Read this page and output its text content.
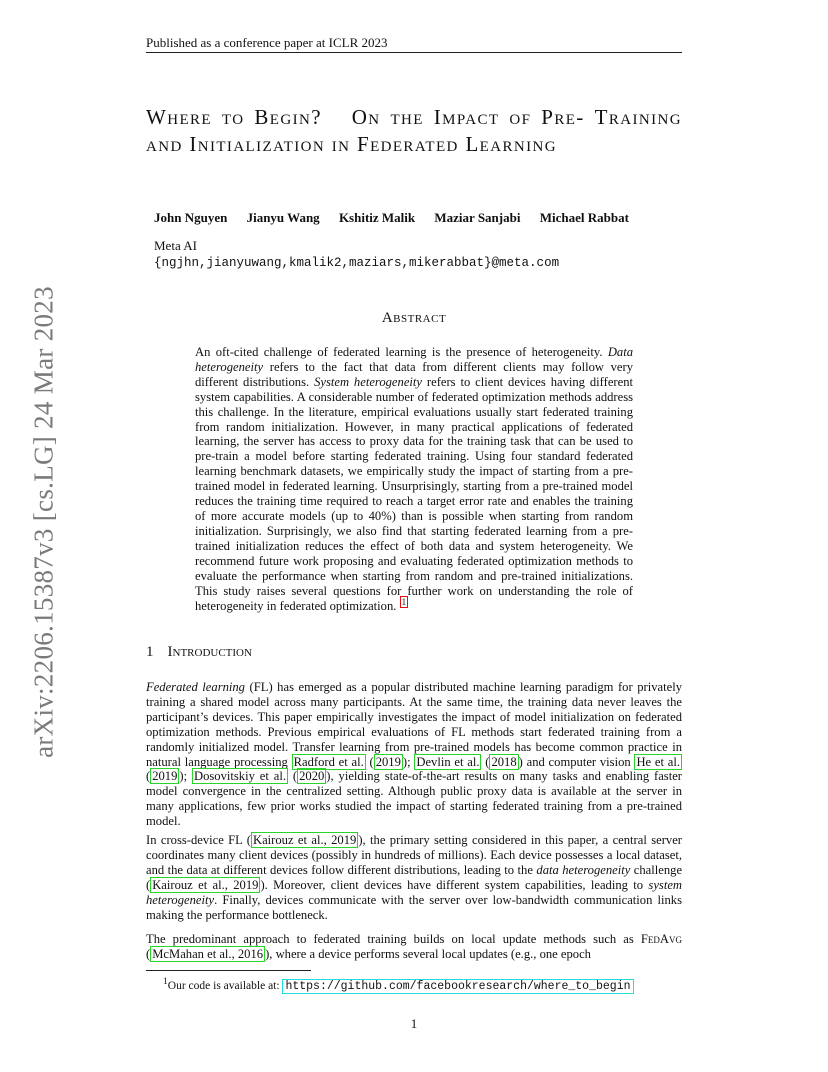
Published as a conference paper at ICLR 2023
Where to Begin? On the Impact of Pre- Training and Initialization in Federated Learning
John Nguyen Jianyu Wang Kshitiz Malik Maziar Sanjabi Michael Rabbat
Meta AI
{ngjhn,jianyuwang,kmalik2,maziars,mikerabbat}@meta.com
Abstract
An oft-cited challenge of federated learning is the presence of heterogeneity. Data heterogeneity refers to the fact that data from different clients may follow very different distributions. System heterogeneity refers to client devices having different system capabilities. A considerable number of federated optimization methods address this challenge. In the literature, empirical evaluations usually start federated training from random initialization. However, in many practical applications of federated learning, the server has access to proxy data for the training task that can be used to pre-train a model before starting federated training. Using four standard federated learning benchmark datasets, we empirically study the impact of starting from a pre-trained model in federated learning. Unsurprisingly, starting from a pre-trained model reduces the training time required to reach a target error rate and enables the training of more accurate models (up to 40%) than is possible when starting from random initialization. Surprisingly, we also find that starting federated learning from a pre-trained initialization reduces the effect of both data and system heterogeneity. We recommend future work proposing and evaluating federated optimization methods to evaluate the performance when starting from random and pre-trained initializations. This study raises several questions for further work on understanding the role of heterogeneity in federated optimization. $^1$
1 Introduction
Federated learning (FL) has emerged as a popular distributed machine learning paradigm for privately training a shared model across many participants. At the same time, the training data never leaves the participant’s devices. This paper empirically investigates the impact of model initialization on federated optimization methods. Previous empirical evaluations of FL methods start federated training from a randomly initialized model. Transfer learning from pre-trained models has become common practice in natural language processing Radford et al. ( 2019 ); Devlin et al. ( 2018 ) and computer vision He et al. ( 2019 ); Dosovitskiy et al. ( 2020 ), yielding state-of-the-art results on many tasks and enabling faster model convergence in the centralized setting. Although public proxy data is available at the server in many applications, few prior works studied the impact of starting federated training from a pre-trained model.
In cross-device FL ( Kairouz et al., 2019 ), the primary setting considered in this paper, a central server coordinates many client devices (possibly in hundreds of millions). Each device possesses a local dataset, and the data at different devices follow different distributions, leading to the data heterogeneity challenge ( Kairouz et al., 2019 ). Moreover, client devices have different system capabilities, leading to system heterogeneity. Finally, devices communicate with the server over low-bandwidth communication links making the performance bottleneck.
The predominant approach to federated training builds on local update methods such as FedAvg ( McMahan et al., 2016 ), where a device performs several local updates (e.g., one epoch
$^1$Our code is available at: https://github.com/facebookresearch/where_to_begin
1
arXiv:2206.15387v3 [cs.LG] 24 Mar 2023
